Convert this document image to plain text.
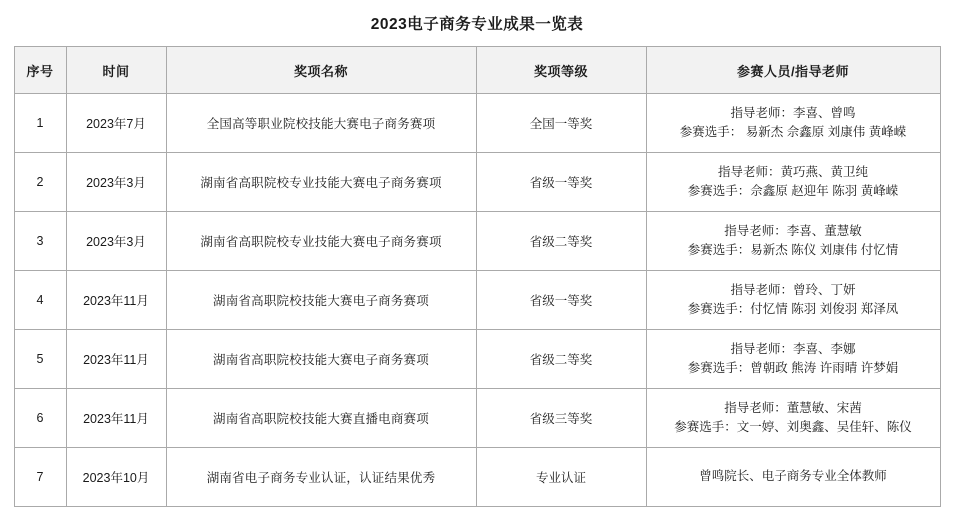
2023电子商务专业成果一览表
序号	时间	奖项名称	奖项等级	参赛人员/指导老师
1	2023年7月	全国高等职业院校技能大赛电子商务赛项	全国一等奖	指导老师：李喜、曾鸣
参赛选手： 易新杰 佘鑫原 刘康伟 黄峰嵘

2	2023年3月	湖南省高职院校专业技能大赛电子商务赛项	省级一等奖	指导老师：黄巧燕、黄卫纯
参赛选手：佘鑫原 赵迎年 陈羽 黄峰嵘

3	2023年3月	湖南省高职院校专业技能大赛电子商务赛项	省级二等奖	指导老师：李喜、董慧敏
参赛选手：易新杰 陈仪 刘康伟 付忆情

4	2023年11月	湖南省高职院校技能大赛电子商务赛项	省级一等奖	指导老师：曾玲、丁妍
参赛选手：付忆情 陈羽 刘俊羽 郑泽凤

5	2023年11月	湖南省高职院校技能大赛电子商务赛项	省级二等奖	指导老师：李喜、李娜
参赛选手：曾朝政 熊涛 许雨晴 许梦娟

6	2023年11月	湖南省高职院校技能大赛直播电商赛项	省级三等奖	指导老师：董慧敏、宋茜
参赛选手：文一婷、刘奥鑫、吴佳轩、陈仪

7	2023年10月	湖南省电子商务专业认证，认证结果优秀	专业认证	曾鸣院长、电子商务专业全体教师
